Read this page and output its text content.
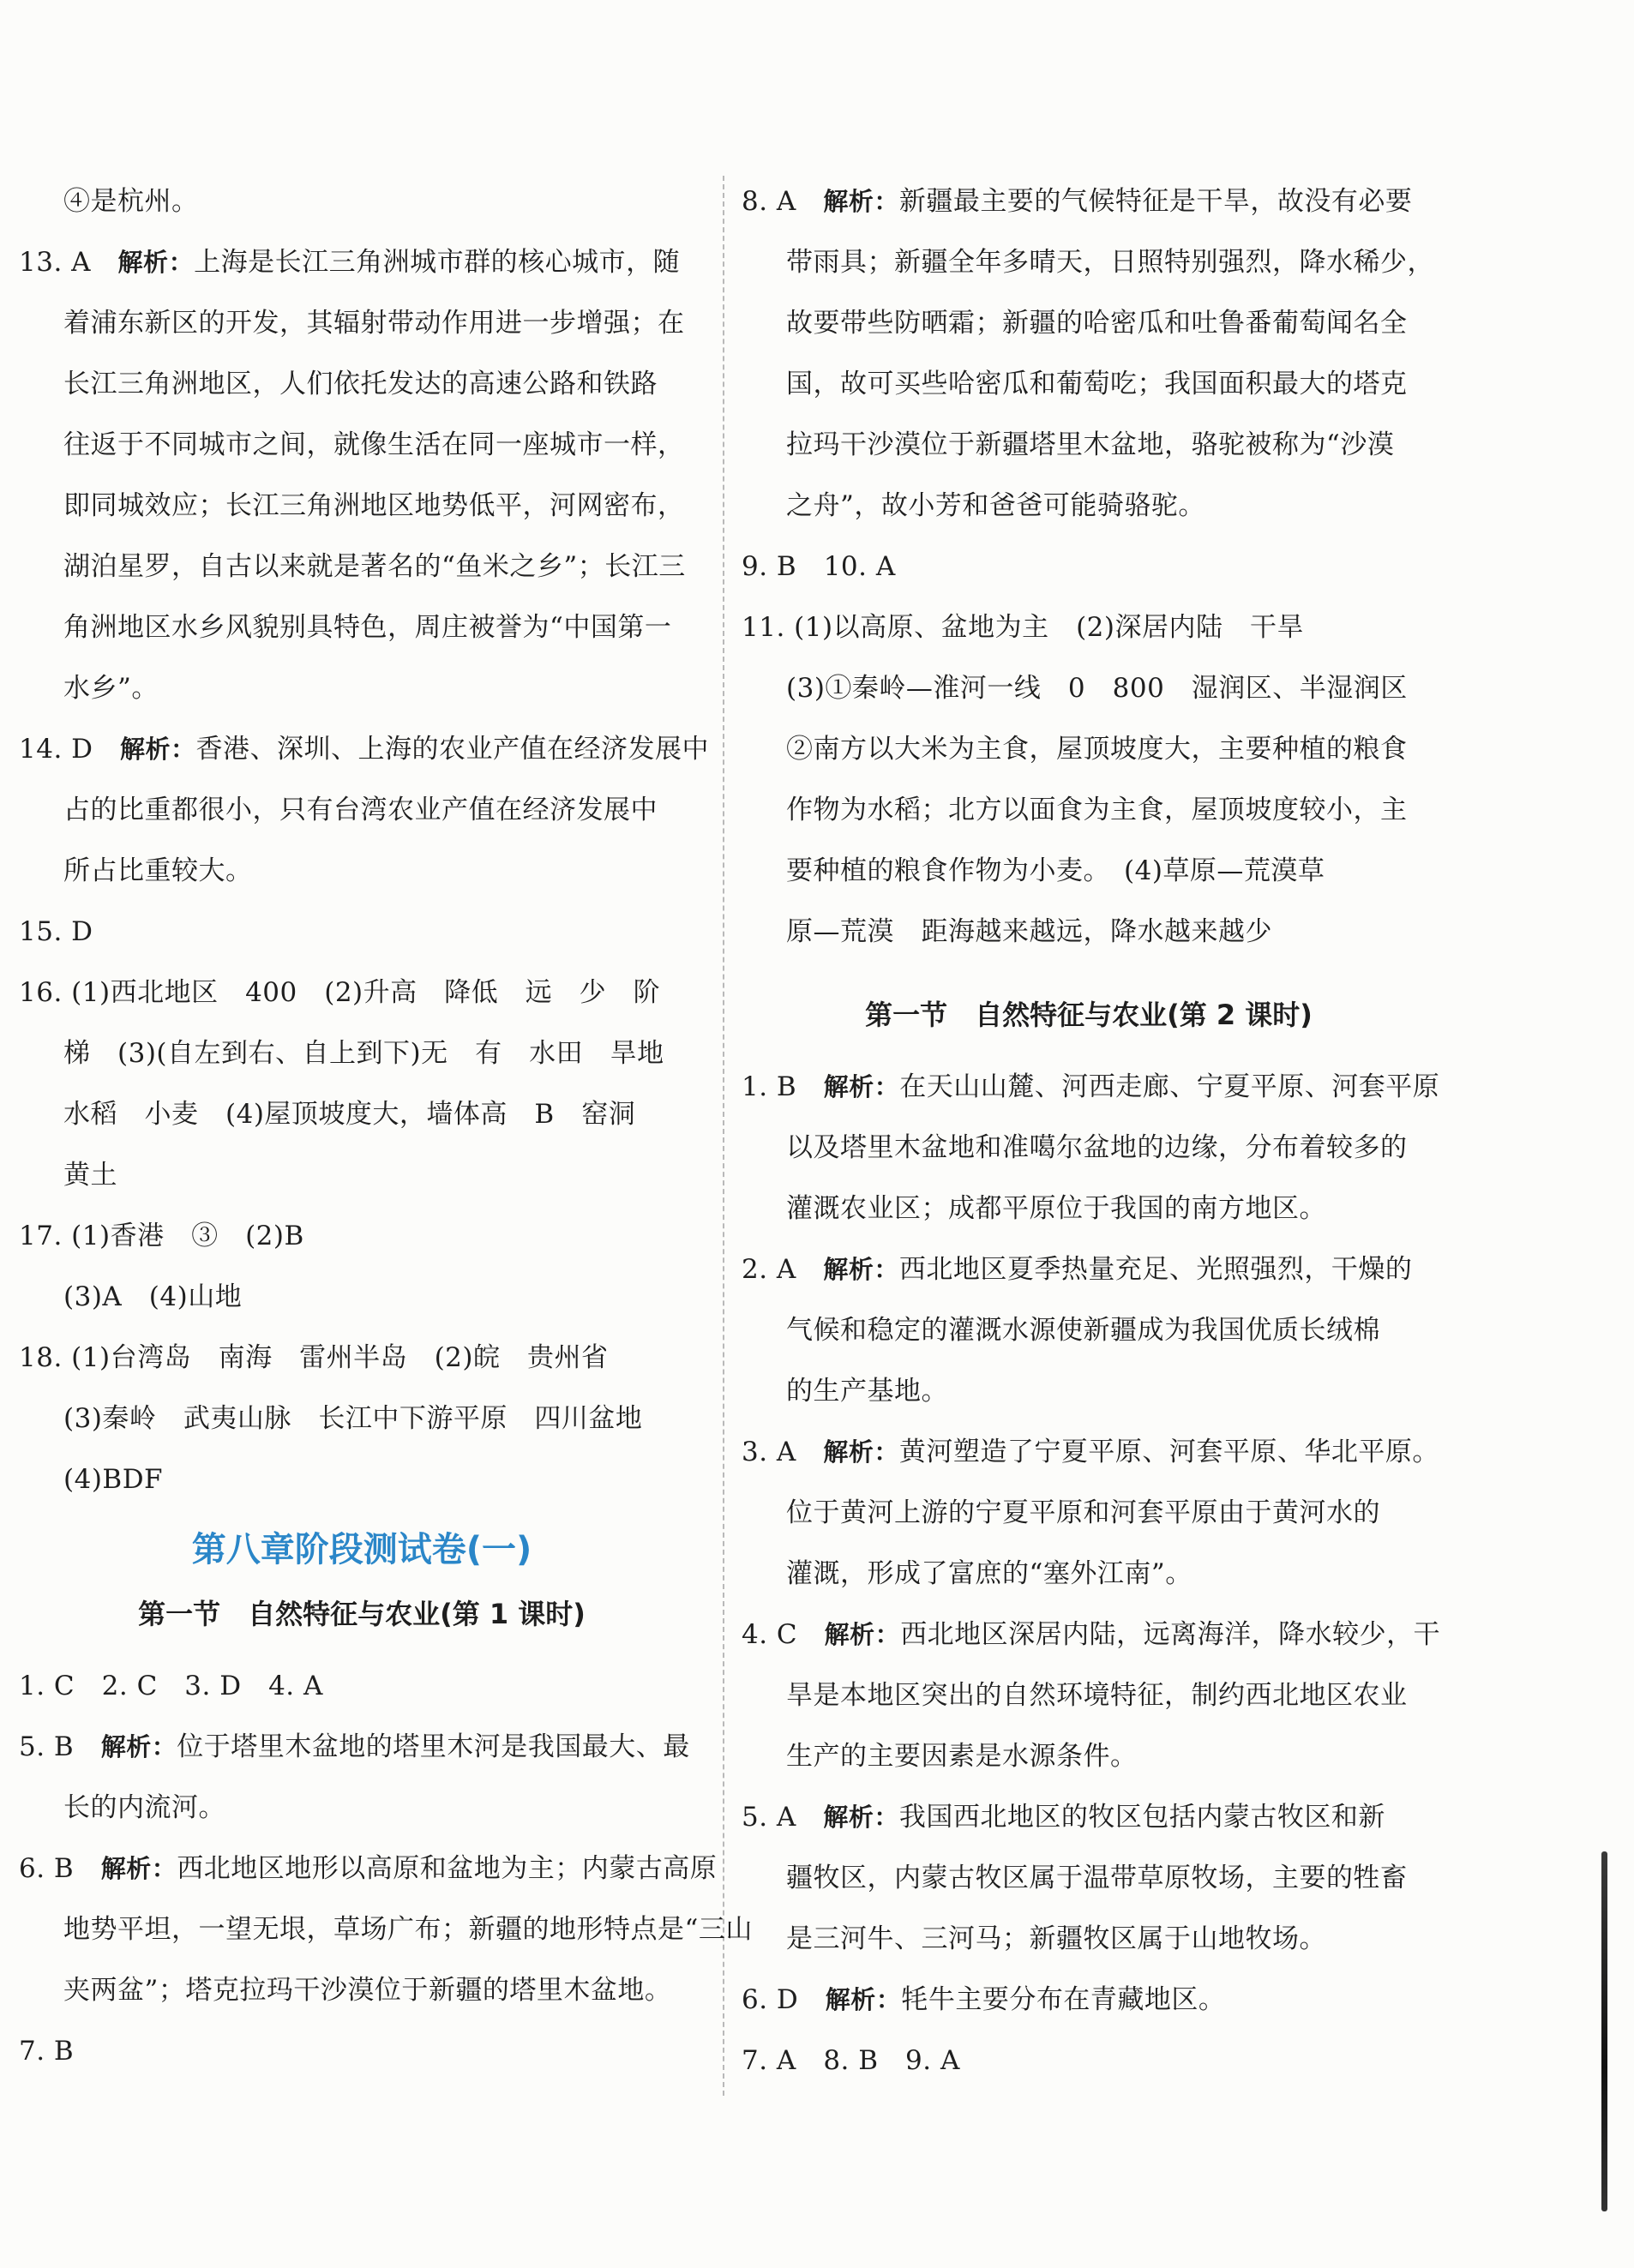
④是杭州。
13. A　 解析：上海是长江三角洲城市群的核心城市，随
着浦东新区的开发，其辐射带动作用进一步增强；在
长江三角洲地区，人们依托发达的高速公路和铁路
往返于不同城市之间，就像生活在同一座城市一样，
即同城效应；长江三角洲地区地势低平，河网密布，
湖泊星罗，自古以来就是著名的“鱼米之乡”；长江三
角洲地区水乡风貌别具特色，周庄被誉为“中国第一
水乡”。
14. D　 解析：香港、深圳、上海的农业产值在经济发展中
占的比重都很小，只有台湾农业产值在经济发展中
所占比重较大。
15. D
16. (1)西北地区　400　(2)升高　降低　远　少　阶
梯　(3)(自左到右、自上到下)无　有　水田　旱地
水稻　小麦　(4)屋顶坡度大，墙体高　B　窑洞
黄土
17. (1)香港　③　(2)B
(3)A　(4)山地
18. (1)台湾岛　南海　雷州半岛　(2)皖　贵州省
(3)秦岭　武夷山脉　长江中下游平原　四川盆地
(4)BDF
第八章阶段测试卷(一)
第一节　自然特征与农业(第 1 课时)
1. C　2. C　3. D　4. A
5. B　 解析：位于塔里木盆地的塔里木河是我国最大、最
长的内流河。
6. B　 解析：西北地区地形以高原和盆地为主；内蒙古高原
地势平坦，一望无垠，草场广布；新疆的地形特点是“三山
夹两盆”；塔克拉玛干沙漠位于新疆的塔里木盆地。
7. B
8. A　 解析：新疆最主要的气候特征是干旱，故没有必要
带雨具；新疆全年多晴天，日照特别强烈，降水稀少，
故要带些防晒霜；新疆的哈密瓜和吐鲁番葡萄闻名全
国，故可买些哈密瓜和葡萄吃；我国面积最大的塔克
拉玛干沙漠位于新疆塔里木盆地，骆驼被称为“沙漠
之舟”，故小芳和爸爸可能骑骆驼。
9. B　10. A
11. (1)以高原、盆地为主　(2)深居内陆　干旱
(3)①秦岭—淮河一线　0　800　湿润区、半湿润区
②南方以大米为主食，屋顶坡度大，主要种植的粮食
作物为水稻；北方以面食为主食，屋顶坡度较小，主
要种植的粮食作物为小麦。　(4)草原—荒漠草
原—荒漠　距海越来越远，降水越来越少
第一节　自然特征与农业(第 2 课时)
1. B　 解析：在天山山麓、河西走廊、宁夏平原、河套平原
以及塔里木盆地和准噶尔盆地的边缘，分布着较多的
灌溉农业区；成都平原位于我国的南方地区。
2. A　 解析：西北地区夏季热量充足、光照强烈，干燥的
气候和稳定的灌溉水源使新疆成为我国优质长绒棉
的生产基地。
3. A　 解析：黄河塑造了宁夏平原、河套平原、华北平原。
位于黄河上游的宁夏平原和河套平原由于黄河水的
灌溉，形成了富庶的“塞外江南”。
4. C　 解析：西北地区深居内陆，远离海洋，降水较少，干
旱是本地区突出的自然环境特征，制约西北地区农业
生产的主要因素是水源条件。
5. A　 解析：我国西北地区的牧区包括内蒙古牧区和新
疆牧区，内蒙古牧区属于温带草原牧场，主要的牲畜
是三河牛、三河马；新疆牧区属于山地牧场。
6. D　 解析：牦牛主要分布在青藏地区。
7. A　8. B　9. A
